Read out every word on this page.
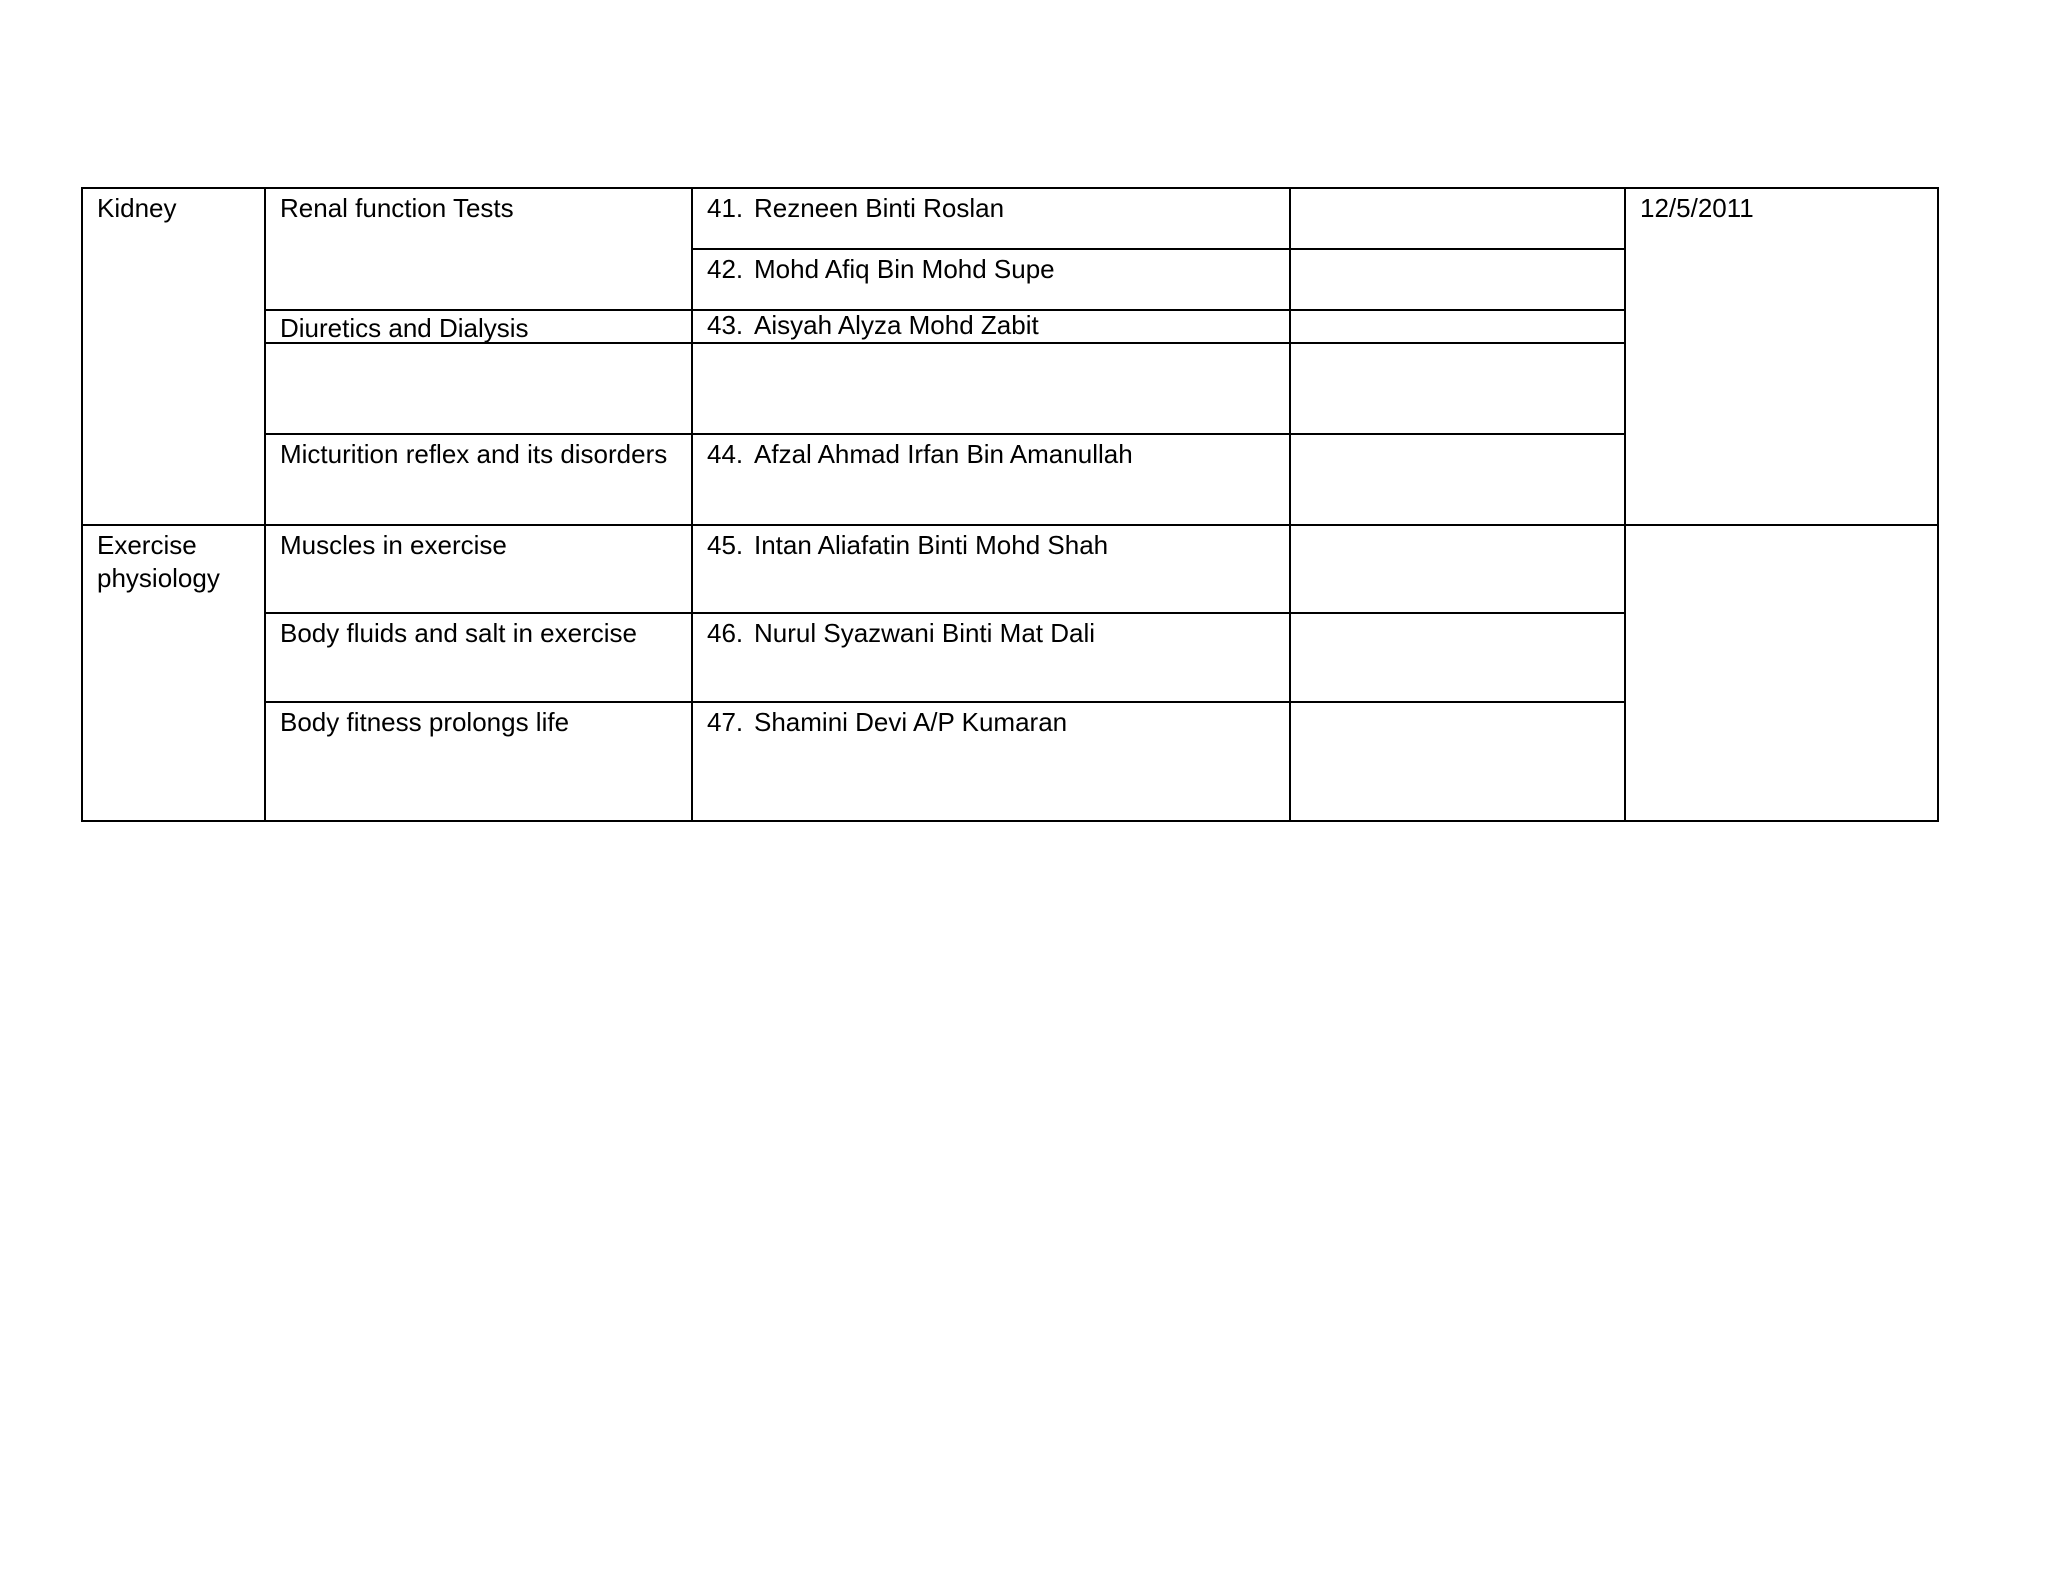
Kidney	Renal function Tests	41. Rezneen Binti Roslan		12/5/2011
		42. Mohd Afiq Bin Mohd Supe		
	Diuretics and Dialysis	43. Aisyah Alyza Mohd Zabit		

	Micturition reflex and its disorders	44. Afzal Ahmad Irfan Bin Amanullah		
Exercise physiology	Muscles in exercise	45. Intan Aliafatin Binti Mohd Shah		
	Body fluids and salt in exercise	46. Nurul Syazwani Binti Mat Dali		
	Body fitness prolongs life	47. Shamini Devi A/P Kumaran		
